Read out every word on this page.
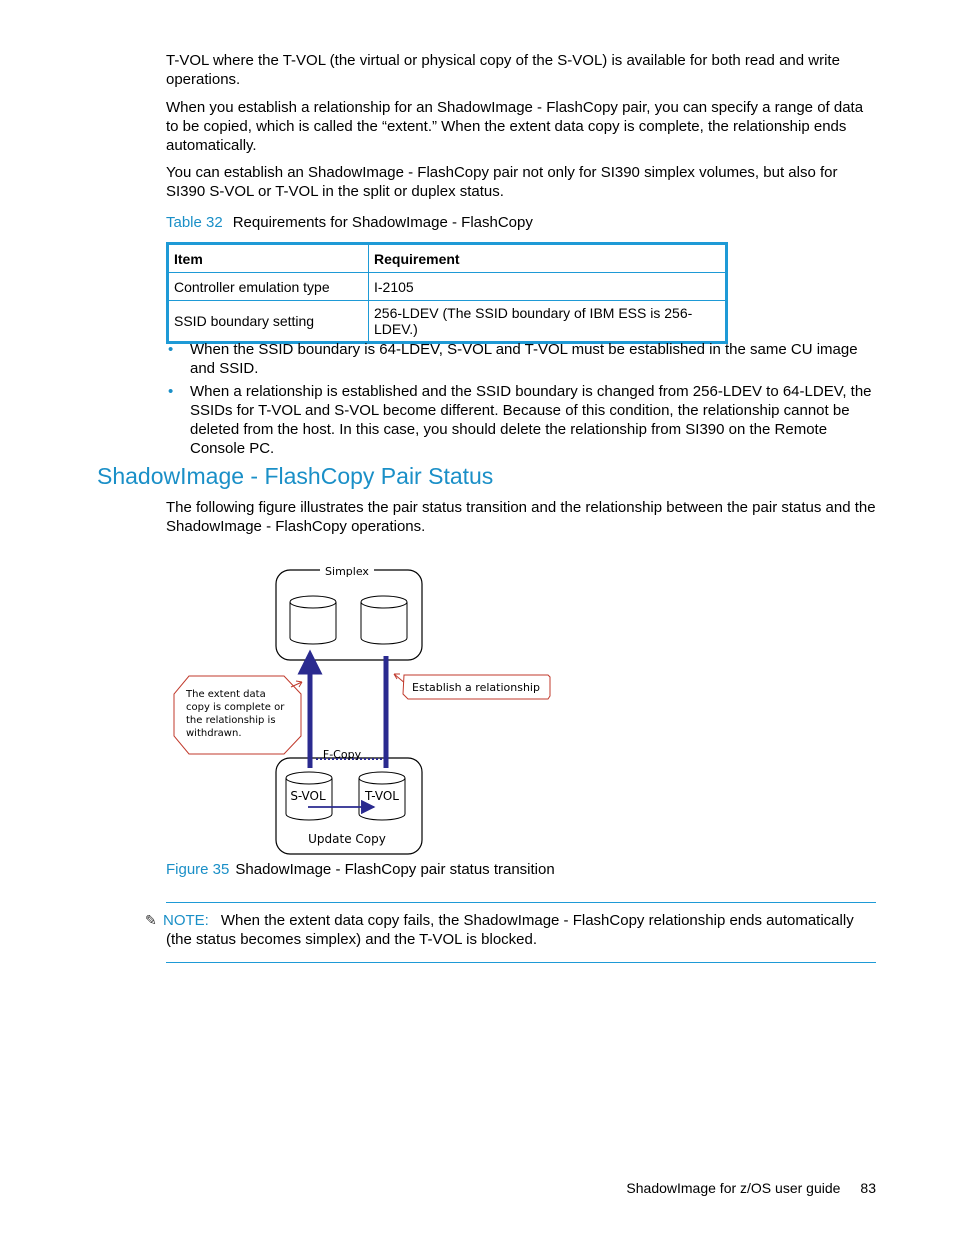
T-VOL where the T-VOL (the virtual or physical copy of the S-VOL) is available for both read and write operations.

When you establish a relationship for an ShadowImage - FlashCopy pair, you can specify a range of data to be copied, which is called the “extent.” When the extent data copy is complete, the relationship ends automatically.

You can establish an ShadowImage - FlashCopy pair not only for SI390 simplex volumes, but also for SI390 S-VOL or T-VOL in the split or duplex status.

Table 32 Requirements for ShadowImage - FlashCopy
Item	Requirement
Controller emulation type	I-2105
SSID boundary setting	256-LDEV (The SSID boundary of IBM ESS is 256-LDEV.)
• When the SSID boundary is 64-LDEV, S-VOL and T-VOL must be established in the same CU image and SSID.
• When a relationship is established and the SSID boundary is changed from 256-LDEV to 64-LDEV, the SSIDs for T-VOL and S-VOL become different. Because of this condition, the relationship cannot be deleted from the host. In this case, you should delete the relationship from SI390 on the Remote Console PC.
ShadowImage - FlashCopy Pair Status

The following figure illustrates the pair status transition and the relationship between the pair status and the ShadowImage - FlashCopy operations.

Simplex
S-VOL	T-VOL
Update Copy
F-Copy
Establish a relationship
The extent data copy is complete or the relationship is withdrawn.
Figure 35 ShadowImage - FlashCopy pair status transition
✎ NOTE: When the extent data copy fails, the ShadowImage - FlashCopy relationship ends automatically
(the status becomes simplex) and the T-VOL is blocked.
ShadowImage for z/OS user guide 83
